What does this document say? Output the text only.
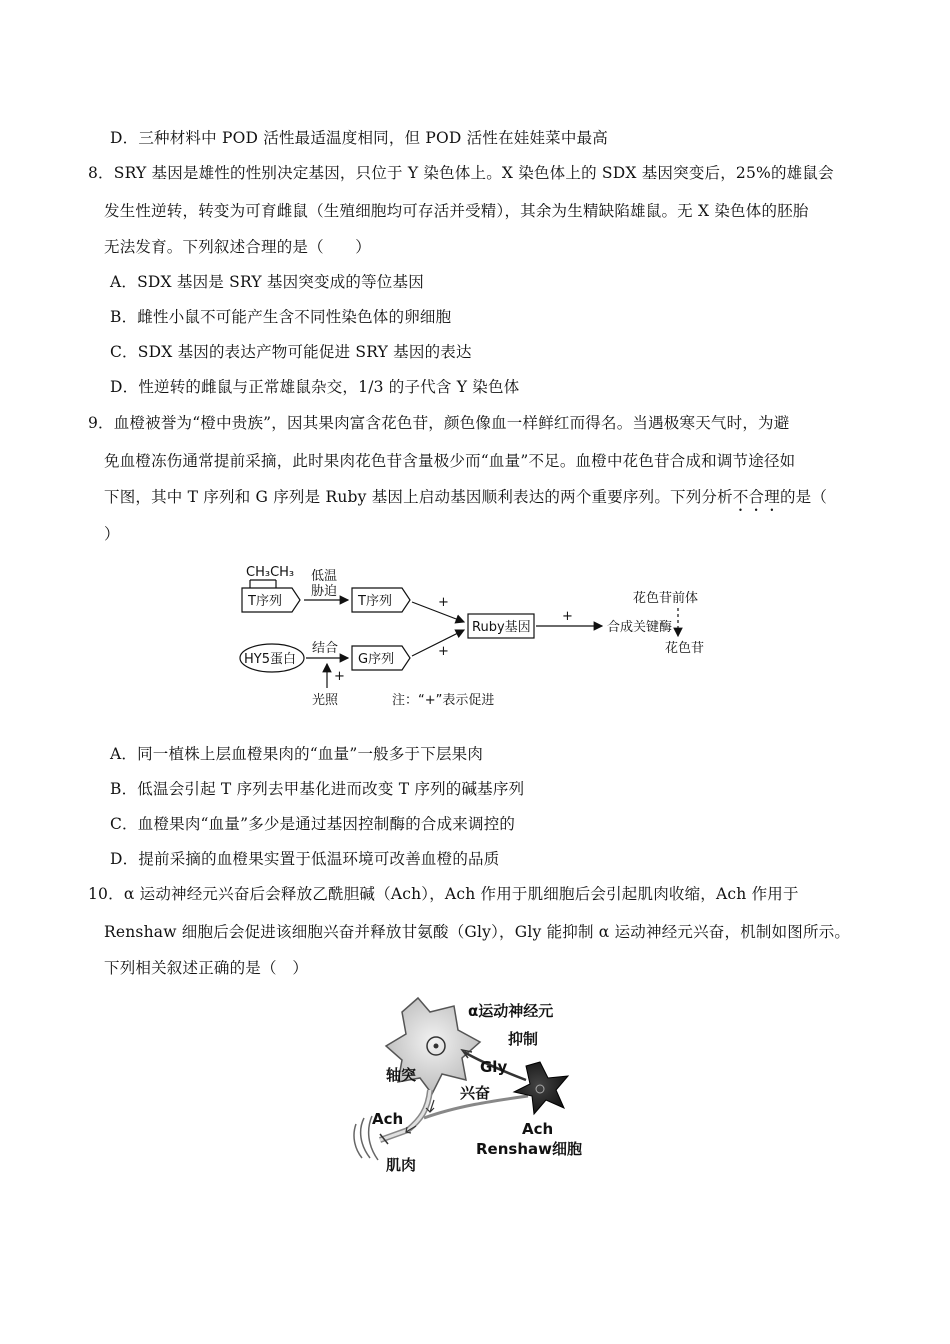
D．三种材料中 POD 活性最适温度相同，但 POD 活性在娃娃菜中最高
8．SRY 基因是雄性的性别决定基因，只位于 Y 染色体上。X 染色体上的 SDX 基因突变后，25%的雄鼠会
发生性逆转，转变为可育雌鼠（生殖细胞均可存活并受精），其余为生精缺陷雄鼠。无 X 染色体的胚胎
无法发育。下列叙述合理的是（　　）
A．SDX 基因是 SRY 基因突变成的等位基因
B．雌性小鼠不可能产生含不同性染色体的卵细胞
C．SDX 基因的表达产物可能促进 SRY 基因的表达
D．性逆转的雌鼠与正常雄鼠杂交，1/3 的子代含 Y 染色体
9．血橙被誉为“橙中贵族”，因其果肉富含花色苷，颜色像血一样鲜红而得名。当遇极寒天气时，为避
免血橙冻伤通常提前采摘，此时果肉花色苷含量极少而“血量”不足。血橙中花色苷合成和调节途径如
下图，其中 T 序列和 G 序列是 Ruby 基因上启动基因顺利表达的两个重要序列。下列分析不合理的是（
）
CH₃CH₃
T序列
低温
胁迫
T序列
HY5蛋白
结合
+
光照
G序列
+
+
Ruby基因
+
花色苷前体
合成关键酶
花色苷
注：“+”表示促进
A．同一植株上层血橙果肉的“血量”一般多于下层果肉
B．低温会引起 T 序列去甲基化进而改变 T 序列的碱基序列
C．血橙果肉“血量”多少是通过基因控制酶的合成来调控的
D．提前采摘的血橙果实置于低温环境可改善血橙的品质
10．α 运动神经元兴奋后会释放乙酰胆碱（Ach），Ach 作用于肌细胞后会引起肌肉收缩，Ach 作用于
Renshaw 细胞后会促进该细胞兴奋并释放甘氨酸（Gly），Gly 能抑制 α 运动神经元兴奋，机制如图所示。
下列相关叙述正确的是（　）
α运动神经元
抑制
Gly
轴突
兴奋
Ach
Ach
Renshaw细胞
肌肉
